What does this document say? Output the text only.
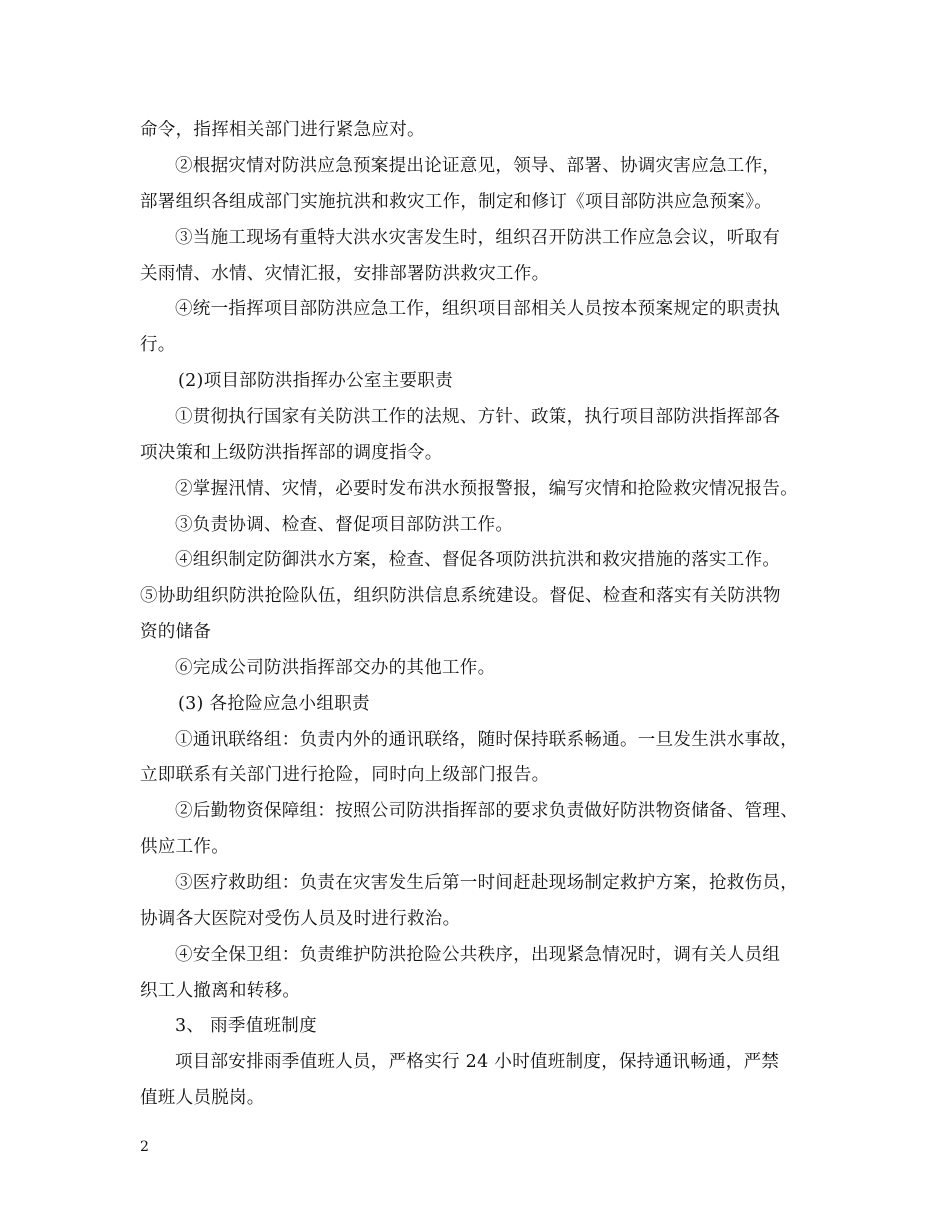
命令，指挥相关部门进行紧急应对。
②根据灾情对防洪应急预案提出论证意见，领导、部署、协调灾害应急工作，
部署组织各组成部门实施抗洪和救灾工作，制定和修订《项目部防洪应急预案》。
③当施工现场有重特大洪水灾害发生时，组织召开防洪工作应急会议，听取有
关雨情、水情、灾情汇报，安排部署防洪救灾工作。
④统一指挥项目部防洪应急工作，组织项目部相关人员按本预案规定的职责执
行。
(2)项目部防洪指挥办公室主要职责
①贯彻执行国家有关防洪工作的法规、方针、政策，执行项目部防洪指挥部各
项决策和上级防洪指挥部的调度指令。
②掌握汛情、灾情，必要时发布洪水预报警报，编写灾情和抢险救灾情况报告。
③负责协调、检查、督促项目部防洪工作。
④组织制定防御洪水方案，检查、督促各项防洪抗洪和救灾措施的落实工作。
⑤协助组织防洪抢险队伍，组织防洪信息系统建设。督促、检查和落实有关防洪物
资的储备
⑥完成公司防洪指挥部交办的其他工作。
(3) 各抢险应急小组职责
①通讯联络组：负责内外的通讯联络，随时保持联系畅通。一旦发生洪水事故，
立即联系有关部门进行抢险，同时向上级部门报告。
②后勤物资保障组：按照公司防洪指挥部的要求负责做好防洪物资储备、管理、
供应工作。
③医疗救助组：负责在灾害发生后第一时间赶赴现场制定救护方案，抢救伤员，
协调各大医院对受伤人员及时进行救治。
④安全保卫组：负责维护防洪抢险公共秩序，出现紧急情况时，调有关人员组
织工人撤离和转移。
3、 雨季值班制度
项目部安排雨季值班人员，严格实行 24 小时值班制度，保持通讯畅通，严禁
值班人员脱岗。
2
